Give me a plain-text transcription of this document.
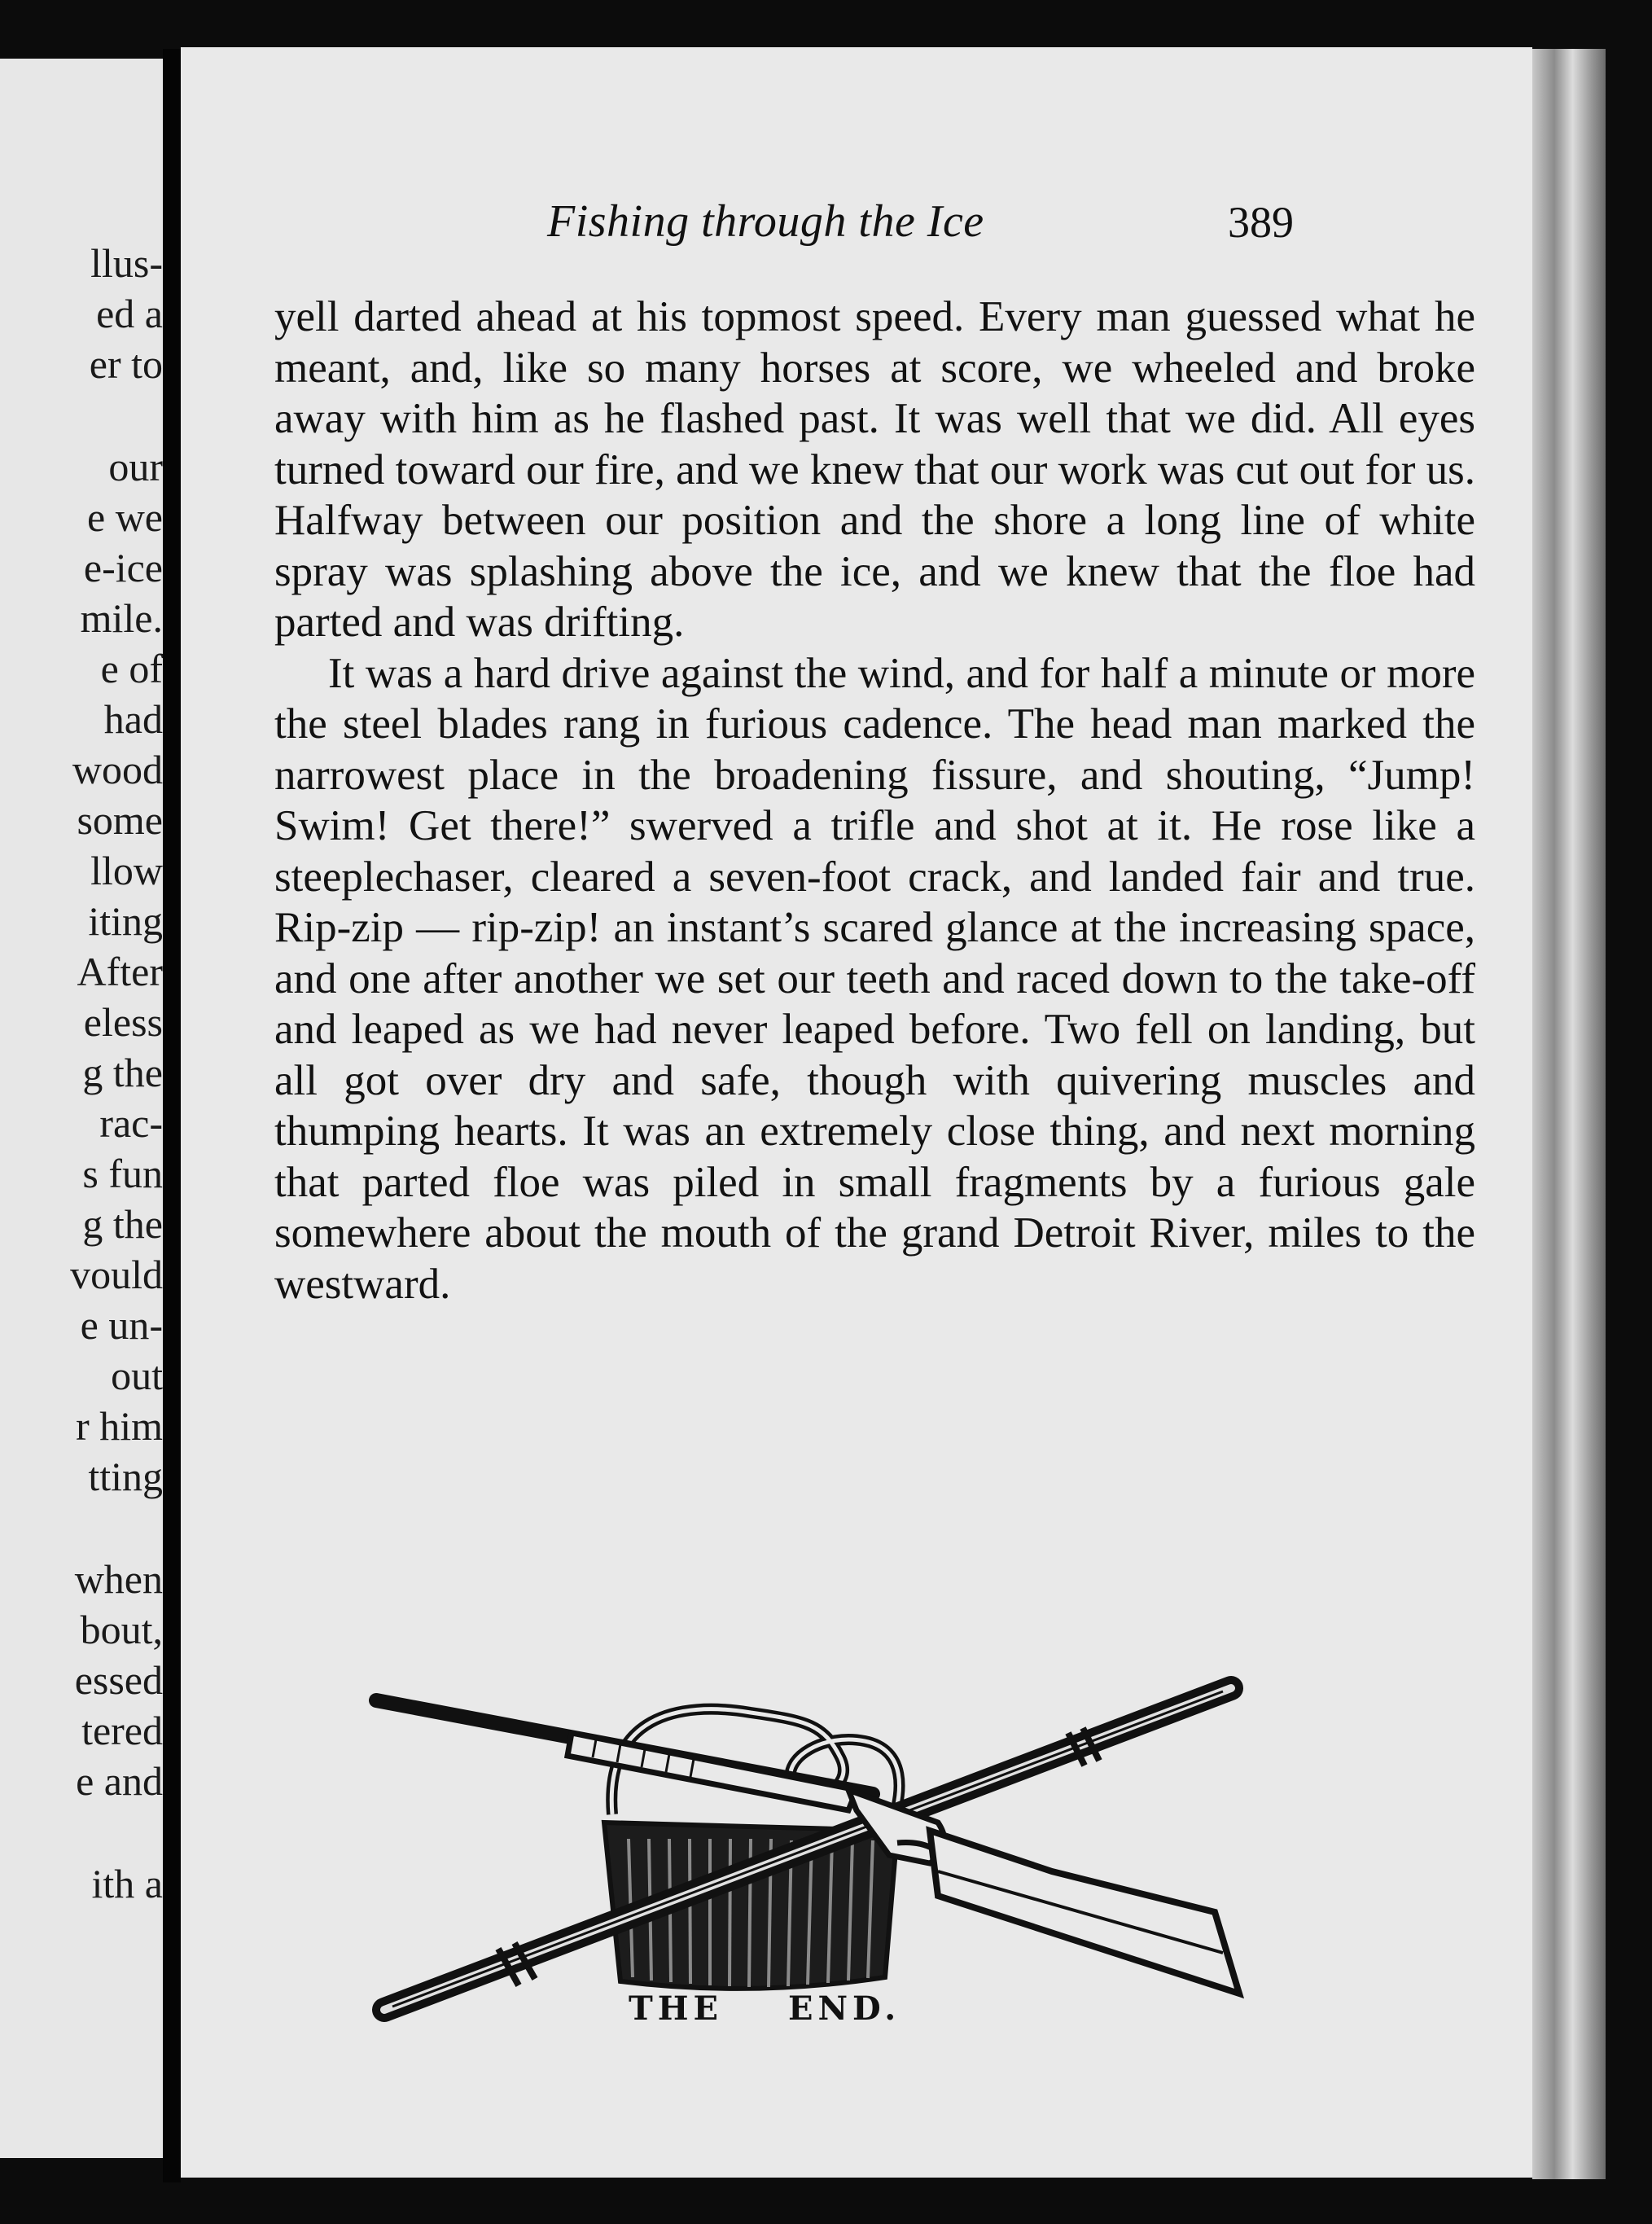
llus-
ed a
er to
our
e we
e-ice
mile.
e of
had
wood
some
llow
iting
After
eless
g the
rac-
s fun
g the
vould
e un-
out
r him
tting
when
bout,
essed
tered
e and
ith a
Fishing through the Ice	389

yell darted ahead at his topmost speed. Every man guessed what he meant, and, like so many horses at score, we wheeled and broke away with him as he flashed past. It was well that we did. All eyes turned toward our fire, and we knew that our work was cut out for us. Halfway between our position and the shore a long line of white spray was splashing above the ice, and we knew that the floe had parted and was drifting.

It was a hard drive against the wind, and for half a minute or more the steel blades rang in furious cadence. The head man marked the narrowest place in the broadening fissure, and shouting, “Jump! Swim! Get there!” swerved a trifle and shot at it. He rose like a steeplechaser, cleared a seven-foot crack, and landed fair and true. Rip-zip — rip-zip! an instant’s scared glance at the increasing space, and one after another we set our teeth and raced down to the take-off and leaped as we had never leaped before. Two fell on landing, but all got over dry and safe, though with quivering muscles and thumping hearts. It was an extremely close thing, and next morning that parted floe was piled in small fragments by a furious gale somewhere about the mouth of the grand Detroit River, miles to the westward.

THE END.
